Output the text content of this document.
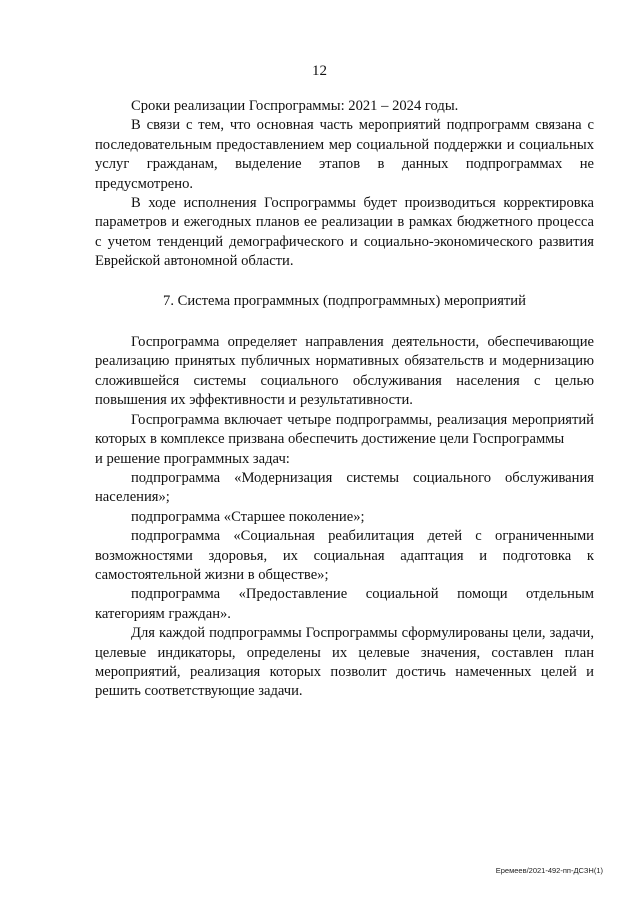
12

Сроки реализации Госпрограммы: 2021 – 2024 годы.

В связи с тем, что основная часть мероприятий подпрограмм связана с последовательным предоставлением мер социальной поддержки и социальных услуг гражданам, выделение этапов в данных подпрограммах не предусмотрено.

В ходе исполнения Госпрограммы будет производиться корректировка параметров и ежегодных планов ее реализации в рамках бюджетного процесса с учетом тенденций демографического и социально-экономического развития Еврейской автономной области.

7. Система программных (подпрограммных) мероприятий

Госпрограмма определяет направления деятельности, обеспечивающие реализацию принятых публичных нормативных обязательств и модернизацию сложившейся системы социального обслуживания населения с целью повышения их эффективности и результативности.

Госпрограмма включает четыре подпрограммы, реализация мероприятий которых в комплексе призвана обеспечить достижение цели Госпрограммы

и решение программных задач:

подпрограмма «Модернизация системы социального обслуживания населения»;

подпрограмма «Старшее поколение»;

подпрограмма «Социальная реабилитация детей с ограниченными возможностями здоровья, их социальная адаптация и подготовка к самостоятельной жизни в обществе»;

подпрограмма «Предоставление социальной помощи отдельным категориям граждан».

Для каждой подпрограммы Госпрограммы сформулированы цели, задачи, целевые индикаторы, определены их целевые значения, составлен план мероприятий, реализация которых позволит достичь намеченных целей и решить соответствующие задачи.

Еремеев/2021-492-пп-ДСЗН(1)
